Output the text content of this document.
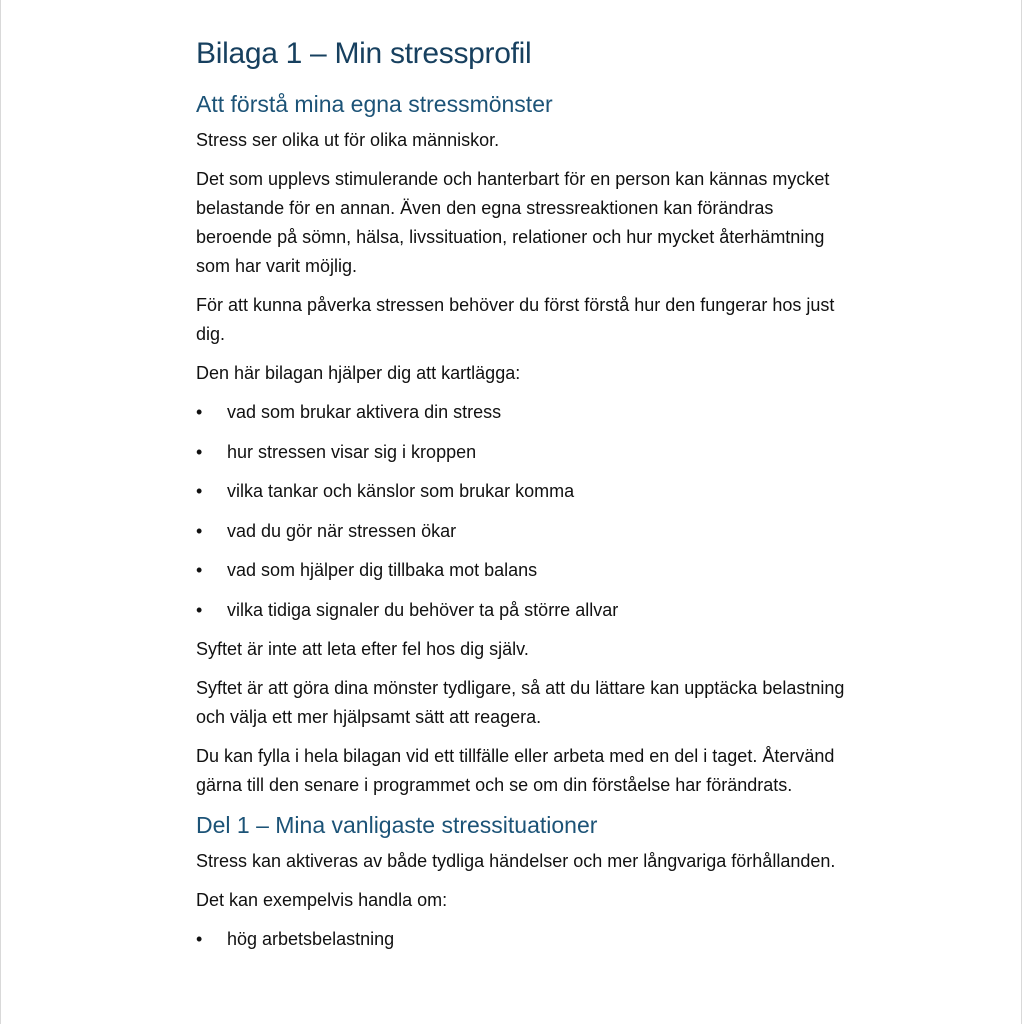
Bilaga 1 – Min stressprofil
Att förstå mina egna stressmönster

Stress ser olika ut för olika människor.

Det som upplevs stimulerande och hanterbart för en person kan kännas mycket belastande för en annan. Även den egna stressreaktionen kan förändras beroende på sömn, hälsa, livssituation, relationer och hur mycket återhämtning som har varit möjlig.

För att kunna påverka stressen behöver du först förstå hur den fungerar hos just dig.

Den här bilagan hjälper dig att kartlägga:

•	vad som brukar aktivera din stress
•	hur stressen visar sig i kroppen
•	vilka tankar och känslor som brukar komma
•	vad du gör när stressen ökar
•	vad som hjälper dig tillbaka mot balans
•	vilka tidiga signaler du behöver ta på större allvar

Syftet är inte att leta efter fel hos dig själv.

Syftet är att göra dina mönster tydligare, så att du lättare kan upptäcka belastning och välja ett mer hjälpsamt sätt att reagera.

Du kan fylla i hela bilagan vid ett tillfälle eller arbeta med en del i taget. Återvänd gärna till den senare i programmet och se om din förståelse har förändrats.

Del 1 – Mina vanligaste stressituationer

Stress kan aktiveras av både tydliga händelser och mer långvariga förhållanden.

Det kan exempelvis handla om:

•	hög arbetsbelastning
